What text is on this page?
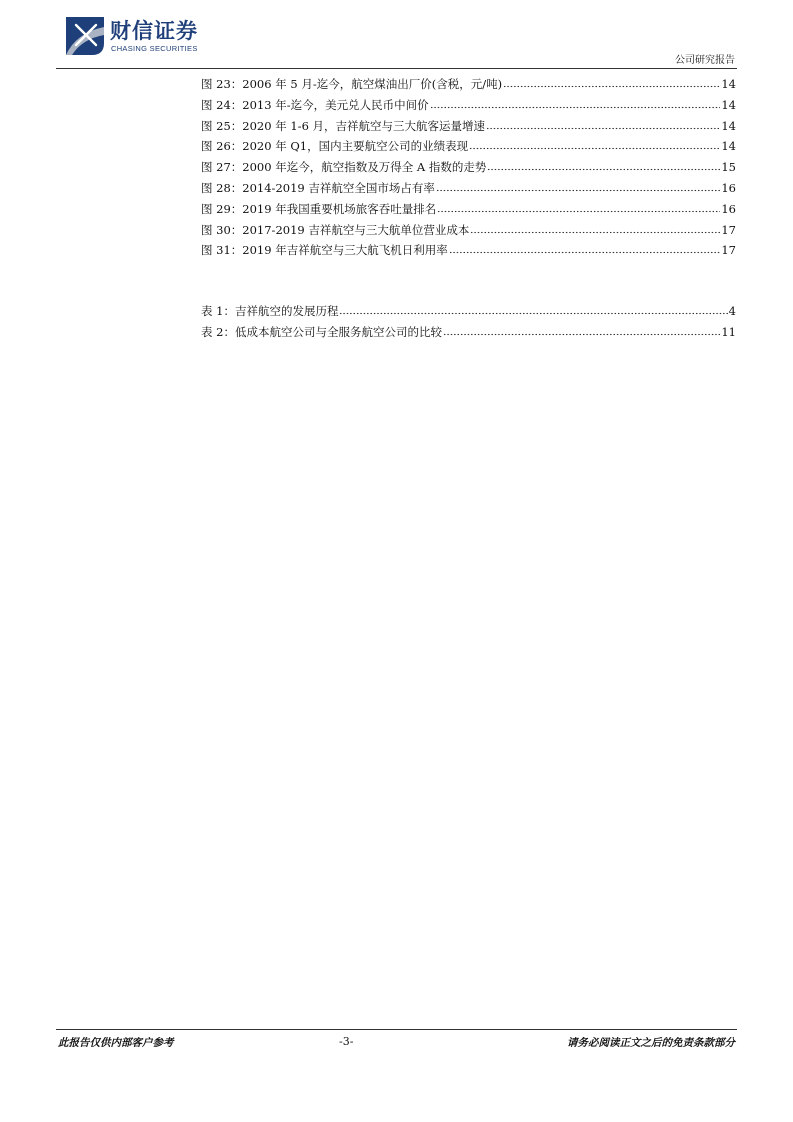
财信证券
CHASING SECURITIES
公司研究报告
图 23：2006 年 5 月-迄今，航空煤油出厂价(含税，元/吨)	14
图 24：2013 年-迄今，美元兑人民币中间价	14
图 25：2020 年 1-6 月，吉祥航空与三大航客运量增速	14
图 26：2020 年 Q1，国内主要航空公司的业绩表现	14
图 27：2000 年迄今，航空指数及万得全 A 指数的走势	15
图 28：2014-2019 吉祥航空全国市场占有率	16
图 29：2019 年我国重要机场旅客吞吐量排名	16
图 30：2017-2019 吉祥航空与三大航单位营业成本	17
图 31：2019 年吉祥航空与三大航飞机日利用率	17
表 1：吉祥航空的发展历程	4
表 2：低成本航空公司与全服务航空公司的比较	11
此报告仅供内部客户参考	-3-	请务必阅读正文之后的免责条款部分
